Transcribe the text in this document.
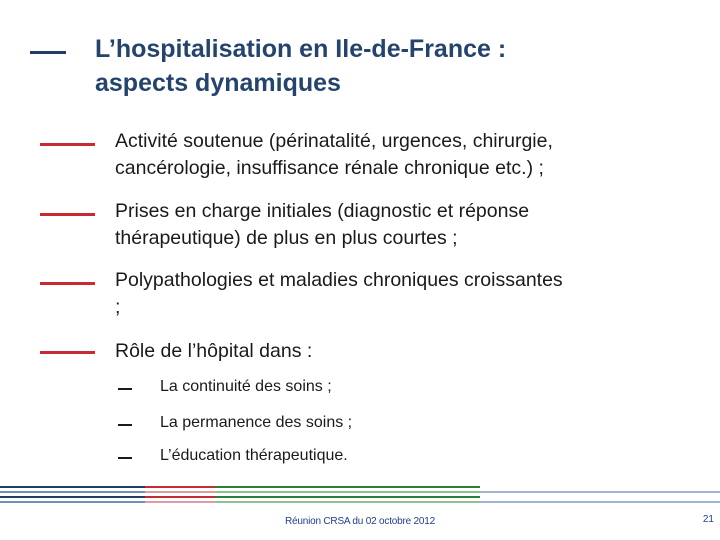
L’hospitalisation en Ile-de-France :
aspects dynamiques
Activité soutenue (périnatalité, urgences, chirurgie,
cancérologie, insuffisance rénale chronique etc.) ;
Prises en charge initiales (diagnostic et réponse
thérapeutique) de plus en plus courtes ;
Polypathologies et maladies chroniques croissantes
;
Rôle de l’hôpital dans :
La continuité des soins ;
La permanence des soins ;
L’éducation thérapeutique.
Réunion CRSA du 02 octobre 2012	21
